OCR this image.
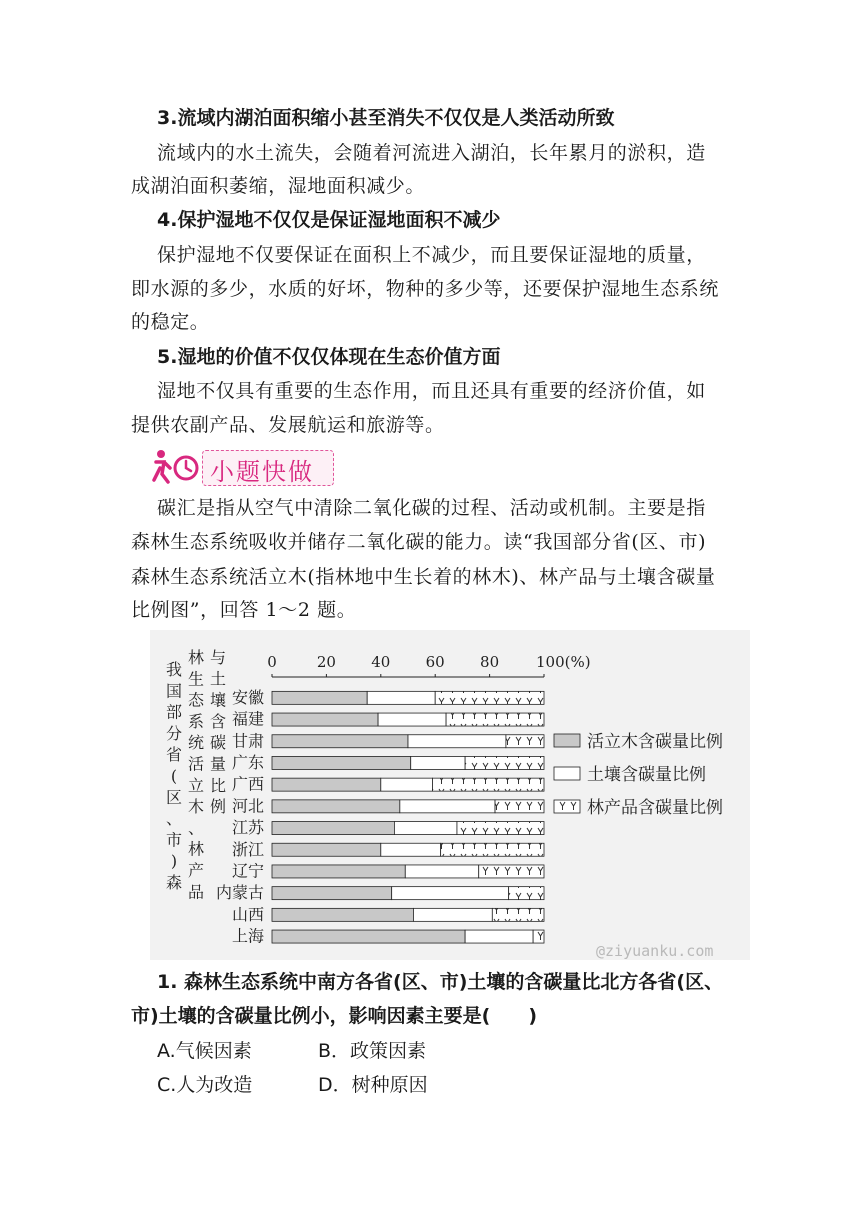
3.流域内湖泊面积缩小甚至消失不仅仅是人类活动所致
流域内的水土流失，会随着河流进入湖泊，长年累月的淤积，造
成湖泊面积萎缩，湿地面积减少。
4.保护湿地不仅仅是保证湿地面积不减少
保护湿地不仅要保证在面积上不减少，而且要保证湿地的质量，
即水源的多少，水质的好坏，物种的多少等，还要保护湿地生态系统
的稳定。
5.湿地的价值不仅仅体现在生态价值方面
湿地不仅具有重要的生态作用，而且还具有重要的经济价值，如
提供农副产品、发展航运和旅游等。
小题快做
碳汇是指从空气中清除二氧化碳的过程、活动或机制。主要是指
森林生态系统吸收并储存二氧化碳的能力。读“我国部分省(区、市)
森林生态系统活立木(指林地中生长着的林木)、林产品与土壤含碳量
比例图”，回答 1～2 题。
我
国
部
分
省
(
区
、
市
)
森
林
生
态
系
统
活
立
木
、
林
产
品
与
土
壤
含
碳
量
比
例
0	20 40 60 80 100(%)
安徽
福建
甘肃
广东
广西
河北
江苏
浙江
辽宁
内蒙古
山西
上海
活立木含碳量比例
土壤含碳量比例
林产品含碳量比例
@ziyuanku.com
1. 森林生态系统中南方各省(区、市)土壤的含碳量比北方各省(区、
市)土壤的含碳量比例小，影响因素主要是(　　)
A.气候因素	B．政策因素
C.人为改造	D．树种原因
